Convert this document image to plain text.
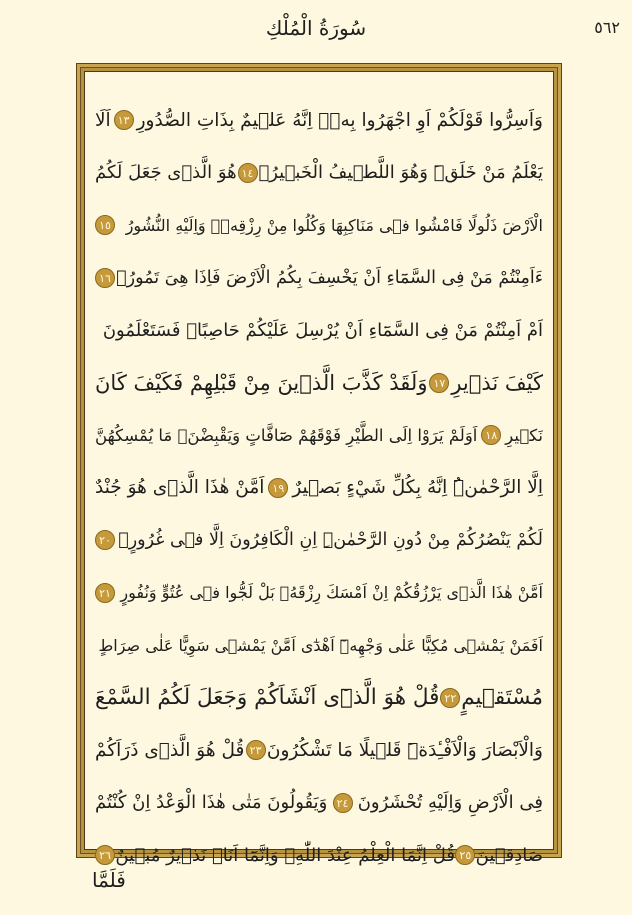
سُورَةُ الْمُلْكِ	٥٦٢
وَاَسِرُّوا قَوْلَكُمْ اَوِ اجْهَرُوا بِه۪ۜ اِنَّهُ عَلٖيمٌ بِذَاتِ الصُّدُورِ
١٣
اَلَا
يَعْلَمُ مَنْ خَلَقَۜ وَهُوَ اللَّطٖيفُ الْخَبٖيرُ۟
١٤
هُوَ الَّذٖى جَعَلَ لَكُمُ
الْاَرْضَ ذَلُولًا فَامْشُوا فٖى مَنَاكِبِهَا وَكُلُوا مِنْ رِزْقِه۪ۜ وَاِلَيْهِ النُّشُورُ
١٥
ءَاَمِنْتُمْ مَنْ فِى السَّمَٓاءِ اَنْ يَخْسِفَ بِكُمُ الْاَرْضَ فَاِذَا هِىَ تَمُورُۙ
١٦
اَمْ اَمِنْتُمْ مَنْ فِى السَّمَٓاءِ اَنْ يُرْسِلَ عَلَيْكُمْ حَاصِبًاۜ فَسَتَعْلَمُونَ
كَيْفَ نَذٖيرِ
١٧
وَلَقَدْ كَذَّبَ الَّذٖينَ مِنْ قَبْلِهِمْ فَكَيْفَ كَانَ
نَكٖيرِ
١٨
اَوَلَمْ يَرَوْا اِلَى الطَّيْرِ فَوْقَهُمْ صَٓافَّاتٍ وَيَقْبِضْنَۘ مَا يُمْسِكُهُنَّ
اِلَّا الرَّحْمٰنُۜ اِنَّهُ بِكُلِّ شَيْءٍ بَصٖيرٌ
١٩
اَمَّنْ هٰذَا الَّذٖى هُوَ جُنْدٌ
لَكُمْ يَنْصُرُكُمْ مِنْ دُونِ الرَّحْمٰنِۜ اِنِ الْكَافِرُونَ اِلَّا فٖى غُرُورٍۚ
٢٠
اَمَّنْ هٰذَا الَّذٖى يَرْزُقُكُمْ اِنْ اَمْسَكَ رِزْقَهُۚ بَلْ لَجُّوا فٖى عُتُوٍّ وَنُفُورٍ
٢١
اَفَمَنْ يَمْشٖى مُكِبًّا عَلٰى وَجْهِه۪ٓ اَهْدٰٓى اَمَّنْ يَمْشٖى سَوِيًّا عَلٰى صِرَاطٍ
مُسْتَقٖيمٍ
٢٢
قُلْ هُوَ الَّذٖٓى اَنْشَاَكُمْ وَجَعَلَ لَكُمُ السَّمْعَ
وَالْاَبْصَارَ وَالْاَفْـِٔدَةَۜ قَلٖيلًا مَا تَشْكُرُونَ
٢٣
قُلْ هُوَ الَّذٖى ذَرَاَكُمْ
فِى الْاَرْضِ وَاِلَيْهِ تُحْشَرُونَ
٢٤
وَيَقُولُونَ مَتٰى هٰذَا الْوَعْدُ اِنْ كُنْتُمْ
صَادِقٖينَ
٢٥
قُلْ اِنَّمَا الْعِلْمُ عِنْدَ اللّٰهِۖ وَاِنَّمَٓا اَنَا۬ نَذٖيرٌ مُبٖينٌ
٢٦
فَلَمَّا
